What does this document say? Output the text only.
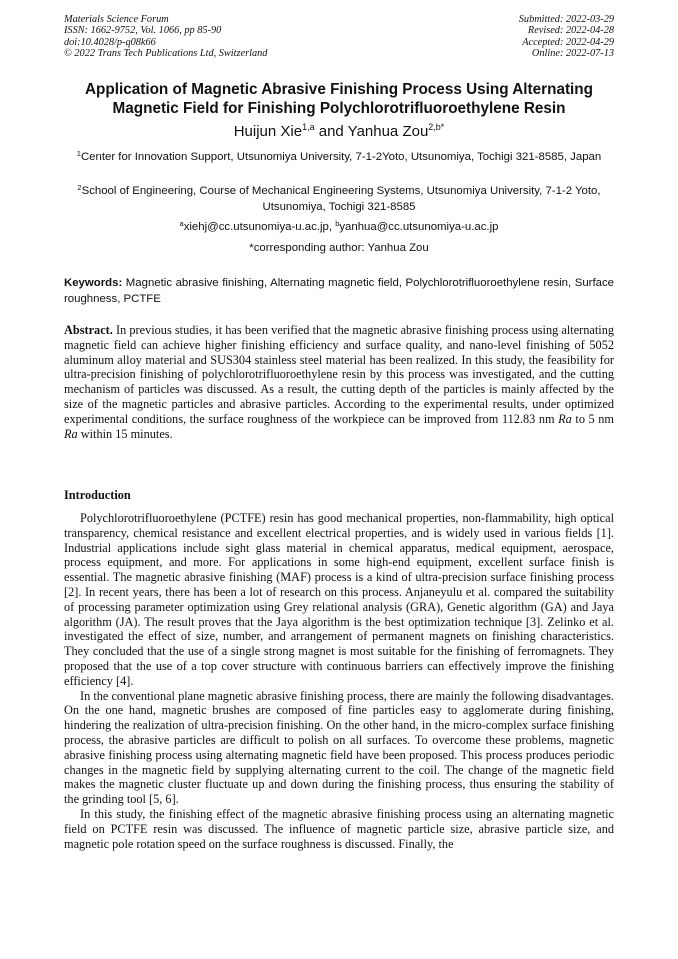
Materials Science Forum
ISSN: 1662-9752, Vol. 1066, pp 85-90
doi:10.4028/p-q08k66
© 2022 Trans Tech Publications Ltd, Switzerland
Submitted: 2022-03-29
Revised: 2022-04-28
Accepted: 2022-04-29
Online: 2022-07-13
Application of Magnetic Abrasive Finishing Process Using Alternating
Magnetic Field for Finishing Polychlorotrifluoroethylene Resin
Huijun Xie$^{1,a}$ and Yanhua Zou$^{2,b*}$
$^1$Center for Innovation Support, Utsunomiya University, 7-1-2Yoto, Utsunomiya, Tochigi 321-8585, Japan
$^2$School of Engineering, Course of Mechanical Engineering Systems, Utsunomiya University, 7-1-2 Yoto, Utsunomiya, Tochigi 321-8585
$^a$xiehj@cc.utsunomiya-u.ac.jp, $^b$yanhua@cc.utsunomiya-u.ac.jp
*corresponding author: Yanhua Zou
Keywords: Magnetic abrasive finishing, Alternating magnetic field, Polychlorotrifluoroethylene resin, Surface roughness, PCTFE
Abstract. In previous studies, it has been verified that the magnetic abrasive finishing process using alternating magnetic field can achieve higher finishing efficiency and surface quality, and nano-level finishing of 5052 aluminum alloy material and SUS304 stainless steel material has been realized. In this study, the feasibility for ultra-precision finishing of polychlorotrifluoroethylene resin by this process was investigated, and the cutting mechanism of particles was discussed. As a result, the cutting depth of the particles is mainly affected by the size of the magnetic particles and abrasive particles. According to the experimental results, under optimized experimental conditions, the surface roughness of the workpiece can be improved from 112.83 nm Ra to 5 nm Ra within 15 minutes.
Introduction

Polychlorotrifluoroethylene (PCTFE) resin has good mechanical properties, non-flammability, high optical transparency, chemical resistance and excellent electrical properties, and is widely used in various fields [1]. Industrial applications include sight glass material in chemical apparatus, medical equipment, aerospace, process equipment, and more. For applications in some high-end equipment, excellent surface finish is essential. The magnetic abrasive finishing (MAF) process is a kind of ultra-precision surface finishing process [2]. In recent years, there has been a lot of research on this process. Anjaneyulu et al. compared the suitability of processing parameter optimization using Grey relational analysis (GRA), Genetic algorithm (GA) and Jaya algorithm (JA). The result proves that the Jaya algorithm is the best optimization technique [3]. Zelinko et al. investigated the effect of size, number, and arrangement of permanent magnets on finishing characteristics. They concluded that the use of a single strong magnet is most suitable for the finishing of ferromagnets. They proposed that the use of a top cover structure with continuous barriers can effectively improve the finishing efficiency [4].

In the conventional plane magnetic abrasive finishing process, there are mainly the following disadvantages. On the one hand, magnetic brushes are composed of fine particles easy to agglomerate during finishing, hindering the realization of ultra-precision finishing. On the other hand, in the micro-complex surface finishing process, the abrasive particles are difficult to polish on all surfaces. To overcome these problems, magnetic abrasive finishing process using alternating magnetic field have been proposed. This process produces periodic changes in the magnetic field by supplying alternating current to the coil. The change of the magnetic field makes the magnetic cluster fluctuate up and down during the finishing process, thus ensuring the stability of the grinding tool [5, 6].

In this study, the finishing effect of the magnetic abrasive finishing process using an alternating magnetic field on PCTFE resin was discussed. The influence of magnetic particle size, abrasive particle size, and magnetic pole rotation speed on the surface roughness is discussed. Finally, the
